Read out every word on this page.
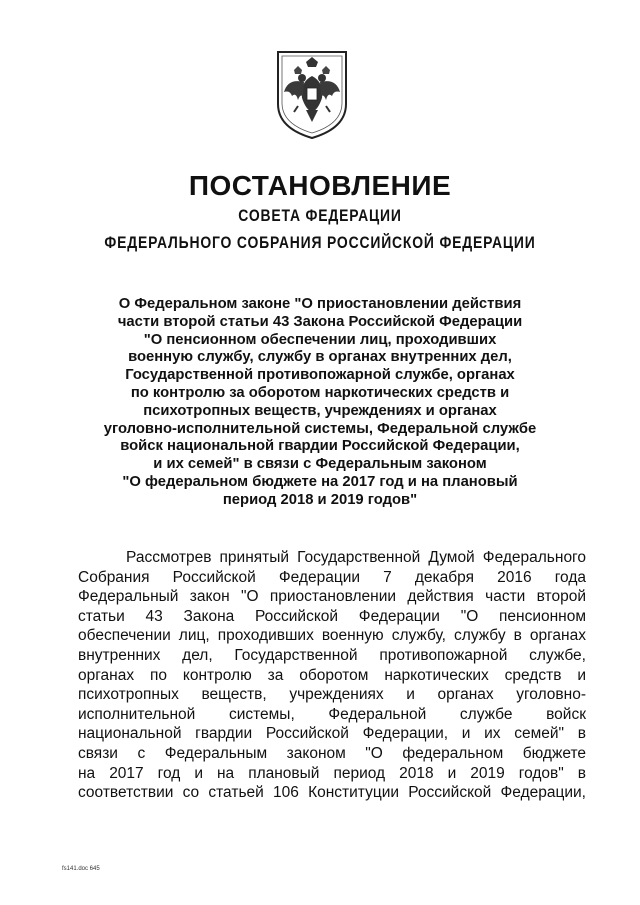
ПОСТАНОВЛЕНИЕ
СОВЕТА ФЕДЕРАЦИИ
ФЕДЕРАЛЬНОГО СОБРАНИЯ РОССИЙСКОЙ ФЕДЕРАЦИИ
О Федеральном законе "О приостановлении действия
части второй статьи 43 Закона Российской Федерации
"О пенсионном обеспечении лиц, проходивших
военную службу, службу в органах внутренних дел,
Государственной противопожарной службе, органах
по контролю за оборотом наркотических средств и
психотропных веществ, учреждениях и органах
уголовно-исполнительной системы, Федеральной службе
войск национальной гвардии Российской Федерации,
и их семей" в связи с Федеральным законом
"О федеральном бюджете на 2017 год и на плановый
период 2018 и 2019 годов"
Рассмотрев принятый Государственной Думой Федерального
Собрания Российской Федерации 7 декабря 2016 года
Федеральный закон "О приостановлении действия части второй
статьи 43 Закона Российской Федерации "О пенсионном
обеспечении лиц, проходивших военную службу, службу в органах
внутренних дел, Государственной противопожарной службе,
органах по контролю за оборотом наркотических средств и
психотропных веществ, учреждениях и органах уголовно-
исполнительной системы, Федеральной службе войск
национальной гвардии Российской Федерации, и их семей" в
связи с Федеральным законом "О федеральном бюджете
на 2017 год и на плановый период 2018 и 2019 годов" в
соответствии со статьей 106 Конституции Российской Федерации,
fs141.doc 645
